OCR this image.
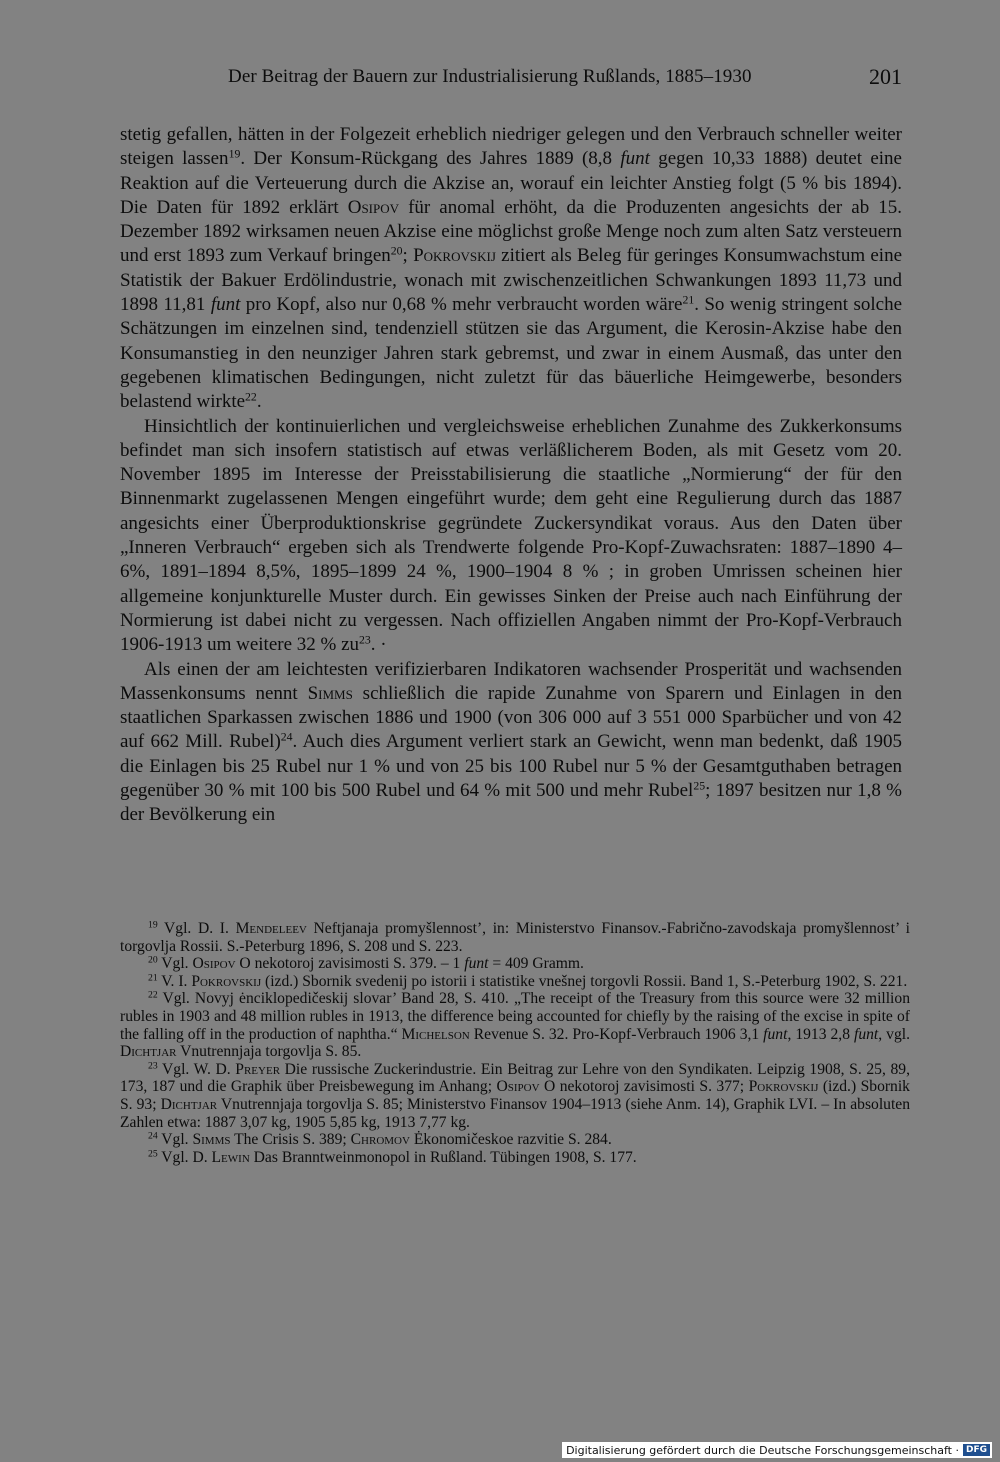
Der Beitrag der Bauern zur Industrialisierung Rußlands, 1885–1930	201

stetig gefallen, hätten in der Folgezeit erheblich niedriger gelegen und den Verbrauch schneller weiter steigen lassen$^{19}$. Der Konsum-Rückgang des Jahres 1889 (8,8 funt gegen 10,33 1888) deutet eine Reaktion auf die Verteuerung durch die Akzise an, worauf ein leichter Anstieg folgt (5 % bis 1894). Die Daten für 1892 erklärt Osipov für anomal erhöht, da die Produzenten angesichts der ab 15. Dezember 1892 wirksamen neuen Akzise eine möglichst große Menge noch zum alten Satz versteuern und erst 1893 zum Verkauf bringen$^{20}$; Pokrovskij zitiert als Beleg für geringes Konsumwachstum eine Statistik der Bakuer Erdölindustrie, wonach mit zwischenzeitlichen Schwankungen 1893 11,73 und 1898 11,81 funt pro Kopf, also nur 0,68 % mehr verbraucht worden wäre$^{21}$. So wenig stringent solche Schätzungen im einzelnen sind, tendenziell stützen sie das Argument, die Kerosin-Akzise habe den Konsumanstieg in den neunziger Jahren stark gebremst, und zwar in einem Ausmaß, das unter den gegebenen klimatischen Bedingungen, nicht zuletzt für das bäuerliche Heimgewerbe, besonders belastend wirkte$^{22}$.

Hinsichtlich der kontinuierlichen und vergleichsweise erheblichen Zunahme des Zukkerkonsums befindet man sich insofern statistisch auf etwas verläßlicherem Boden, als mit Gesetz vom 20. November 1895 im Interesse der Preisstabilisierung die staatliche „Normierung“ der für den Binnenmarkt zugelassenen Mengen eingeführt wurde; dem geht eine Regulierung durch das 1887 angesichts einer Überproduktionskrise gegründete Zuckersyndikat voraus. Aus den Daten über „Inneren Verbrauch“ ergeben sich als Trendwerte folgende Pro-Kopf-Zuwachsraten: 1887–1890 4–6%, 1891–1894 8,5%, 1895–1899 24 %, 1900–1904 8 % ; in groben Umrissen scheinen hier allgemeine konjunkturelle Muster durch. Ein gewisses Sinken der Preise auch nach Einführung der Normierung ist dabei nicht zu vergessen. Nach offiziellen Angaben nimmt der Pro-Kopf-Verbrauch 1906-1913 um weitere 32 % $zu^{23}$. ·

Als einen der am leichtesten verifizierbaren Indikatoren wachsender Prosperität und wachsenden Massenkonsums nennt Simms schließlich die rapide Zunahme von Sparern und Einlagen in den staatlichen Sparkassen zwischen 1886 und 1900 (von 306 000 auf 3 551 000 Sparbücher und von 42 auf 662 Mill. Rubel)$^{24}$. Auch dies Argument verliert stark an Gewicht, wenn man bedenkt, daß 1905 die Einlagen bis 25 Rubel nur 1 % und von 25 bis 100 Rubel nur 5 % der Gesamtguthaben betragen gegenüber 30 % mit 100 bis 500 Rubel und 64 % mit 500 und mehr Rubel$^{25}$; 1897 besitzen nur 1,8 % der Bevölkerung ein

$^{19}$ Vgl. D. I. Mendeleev Neftjanaja promyšlennost’, in: Ministerstvo Finansov.-Fabrično-zavodskaja promyšlennost’ i torgovlja Rossii. S.-Peterburg 1896, S. 208 und S. 223.

$^{20}$ Vgl. Osipov O nekotoroj zavisimosti S. 379. – 1 funt = 409 Gramm.

$^{21}$ V. I. Pokrovskij (izd.) Sbornik svedenij po istorii i statistike vnešnej torgovli Rossii. Band 1, S.-Peterburg 1902, S. 221.

$^{22}$ Vgl. Novyj ėnciklopedičeskij slovar’ Band 28, S. 410. „The receipt of the Treasury from this source were 32 million rubles in 1903 and 48 million rubles in 1913, the difference being accounted for chiefly by the raising of the excise in spite of the falling off in the production of naphtha.“ Michelson Revenue S. 32. Pro-Kopf-Verbrauch 1906 3,1 funt, 1913 2,8 funt, vgl. Dichtjar Vnutrennjaja torgovlja S. 85.

$^{23}$ Vgl. W. D. Preyer Die russische Zuckerindustrie. Ein Beitrag zur Lehre von den Syndikaten. Leipzig 1908, S. 25, 89, 173, 187 und die Graphik über Preisbewegung im Anhang; Osipov O nekotoroj zavisimosti S. 377; Pokrovskij (izd.) Sbornik S. 93; Dichtjar Vnutrennjaja torgovlja S. 85; Ministerstvo Finansov 1904–1913 (siehe Anm. 14), Graphik LVI. – In absoluten Zahlen etwa: 1887 3,07 kg, 1905 5,85 kg, 1913 7,77 kg.

$^{24}$ Vgl. Simms The Crisis S. 389; Chromov Ėkonomičeskoe razvitie S. 284.

$^{25}$ Vgl. D. Lewin Das Branntweinmonopol in Rußland. Tübingen 1908, S. 177.

Digitalisierung gefördert durch die Deutsche Forschungsgemeinschaft · DFG
